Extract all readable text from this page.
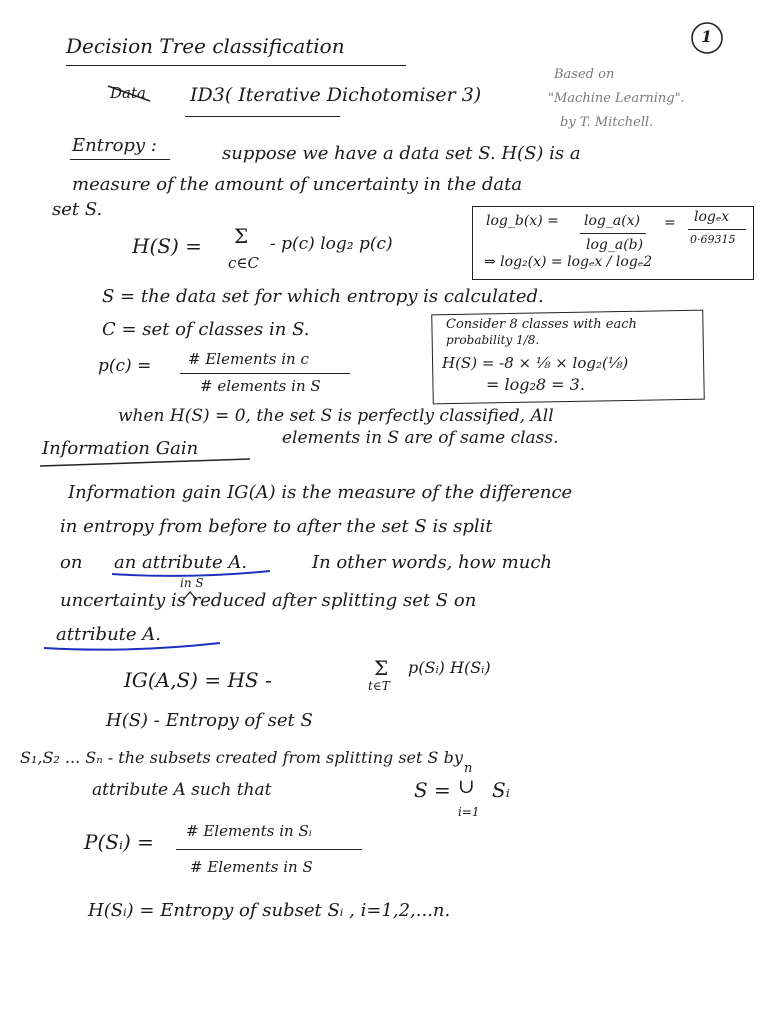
Decision Tree classification	1
Data ID3( Iterative Dichotomiser 3)
Based on
"Machine Learning".
by T. Mitchell.
Entropy :	suppose we have a data set S. H(S) is a
measure of the amount of uncertainty in the data
set S.
H(S) = Σ
c∈C
- p(c) log₂ p(c)
log_b(x) = log_a(x)
log_a(b)
= logₑx
0·69315
⇒ log₂(x) = logₑx / logₑ2
S = the data set for which entropy is calculated.
C = set of classes in S.
p(c) = # Elements in c
# elements in S
Consider 8 classes with each
probability 1/8.
H(S) = -8 × ⅛ × log₂(⅛)
= log₂8 = 3.
when H(S) = 0, the set S is perfectly classified, All
elements in S are of same class.
Information Gain
Information gain IG(A) is the measure of the difference
in entropy from before to after the set S is split
on an attribute A.	In other words, how much
in S
uncertainty is reduced after splitting set S on
attribute A.
IG(A,S) = HS -	Σ
t∈T
p(Sᵢ) H(Sᵢ)
H(S) - Entropy of set S
S₁,S₂ ... Sₙ - the subsets created from splitting set S by
attribute A such that	S =
n
∪
i=1
Sᵢ
P(Sᵢ) = # Elements in Sᵢ
# Elements in S
H(Sᵢ) = Entropy of subset Sᵢ , i=1,2,...n.
